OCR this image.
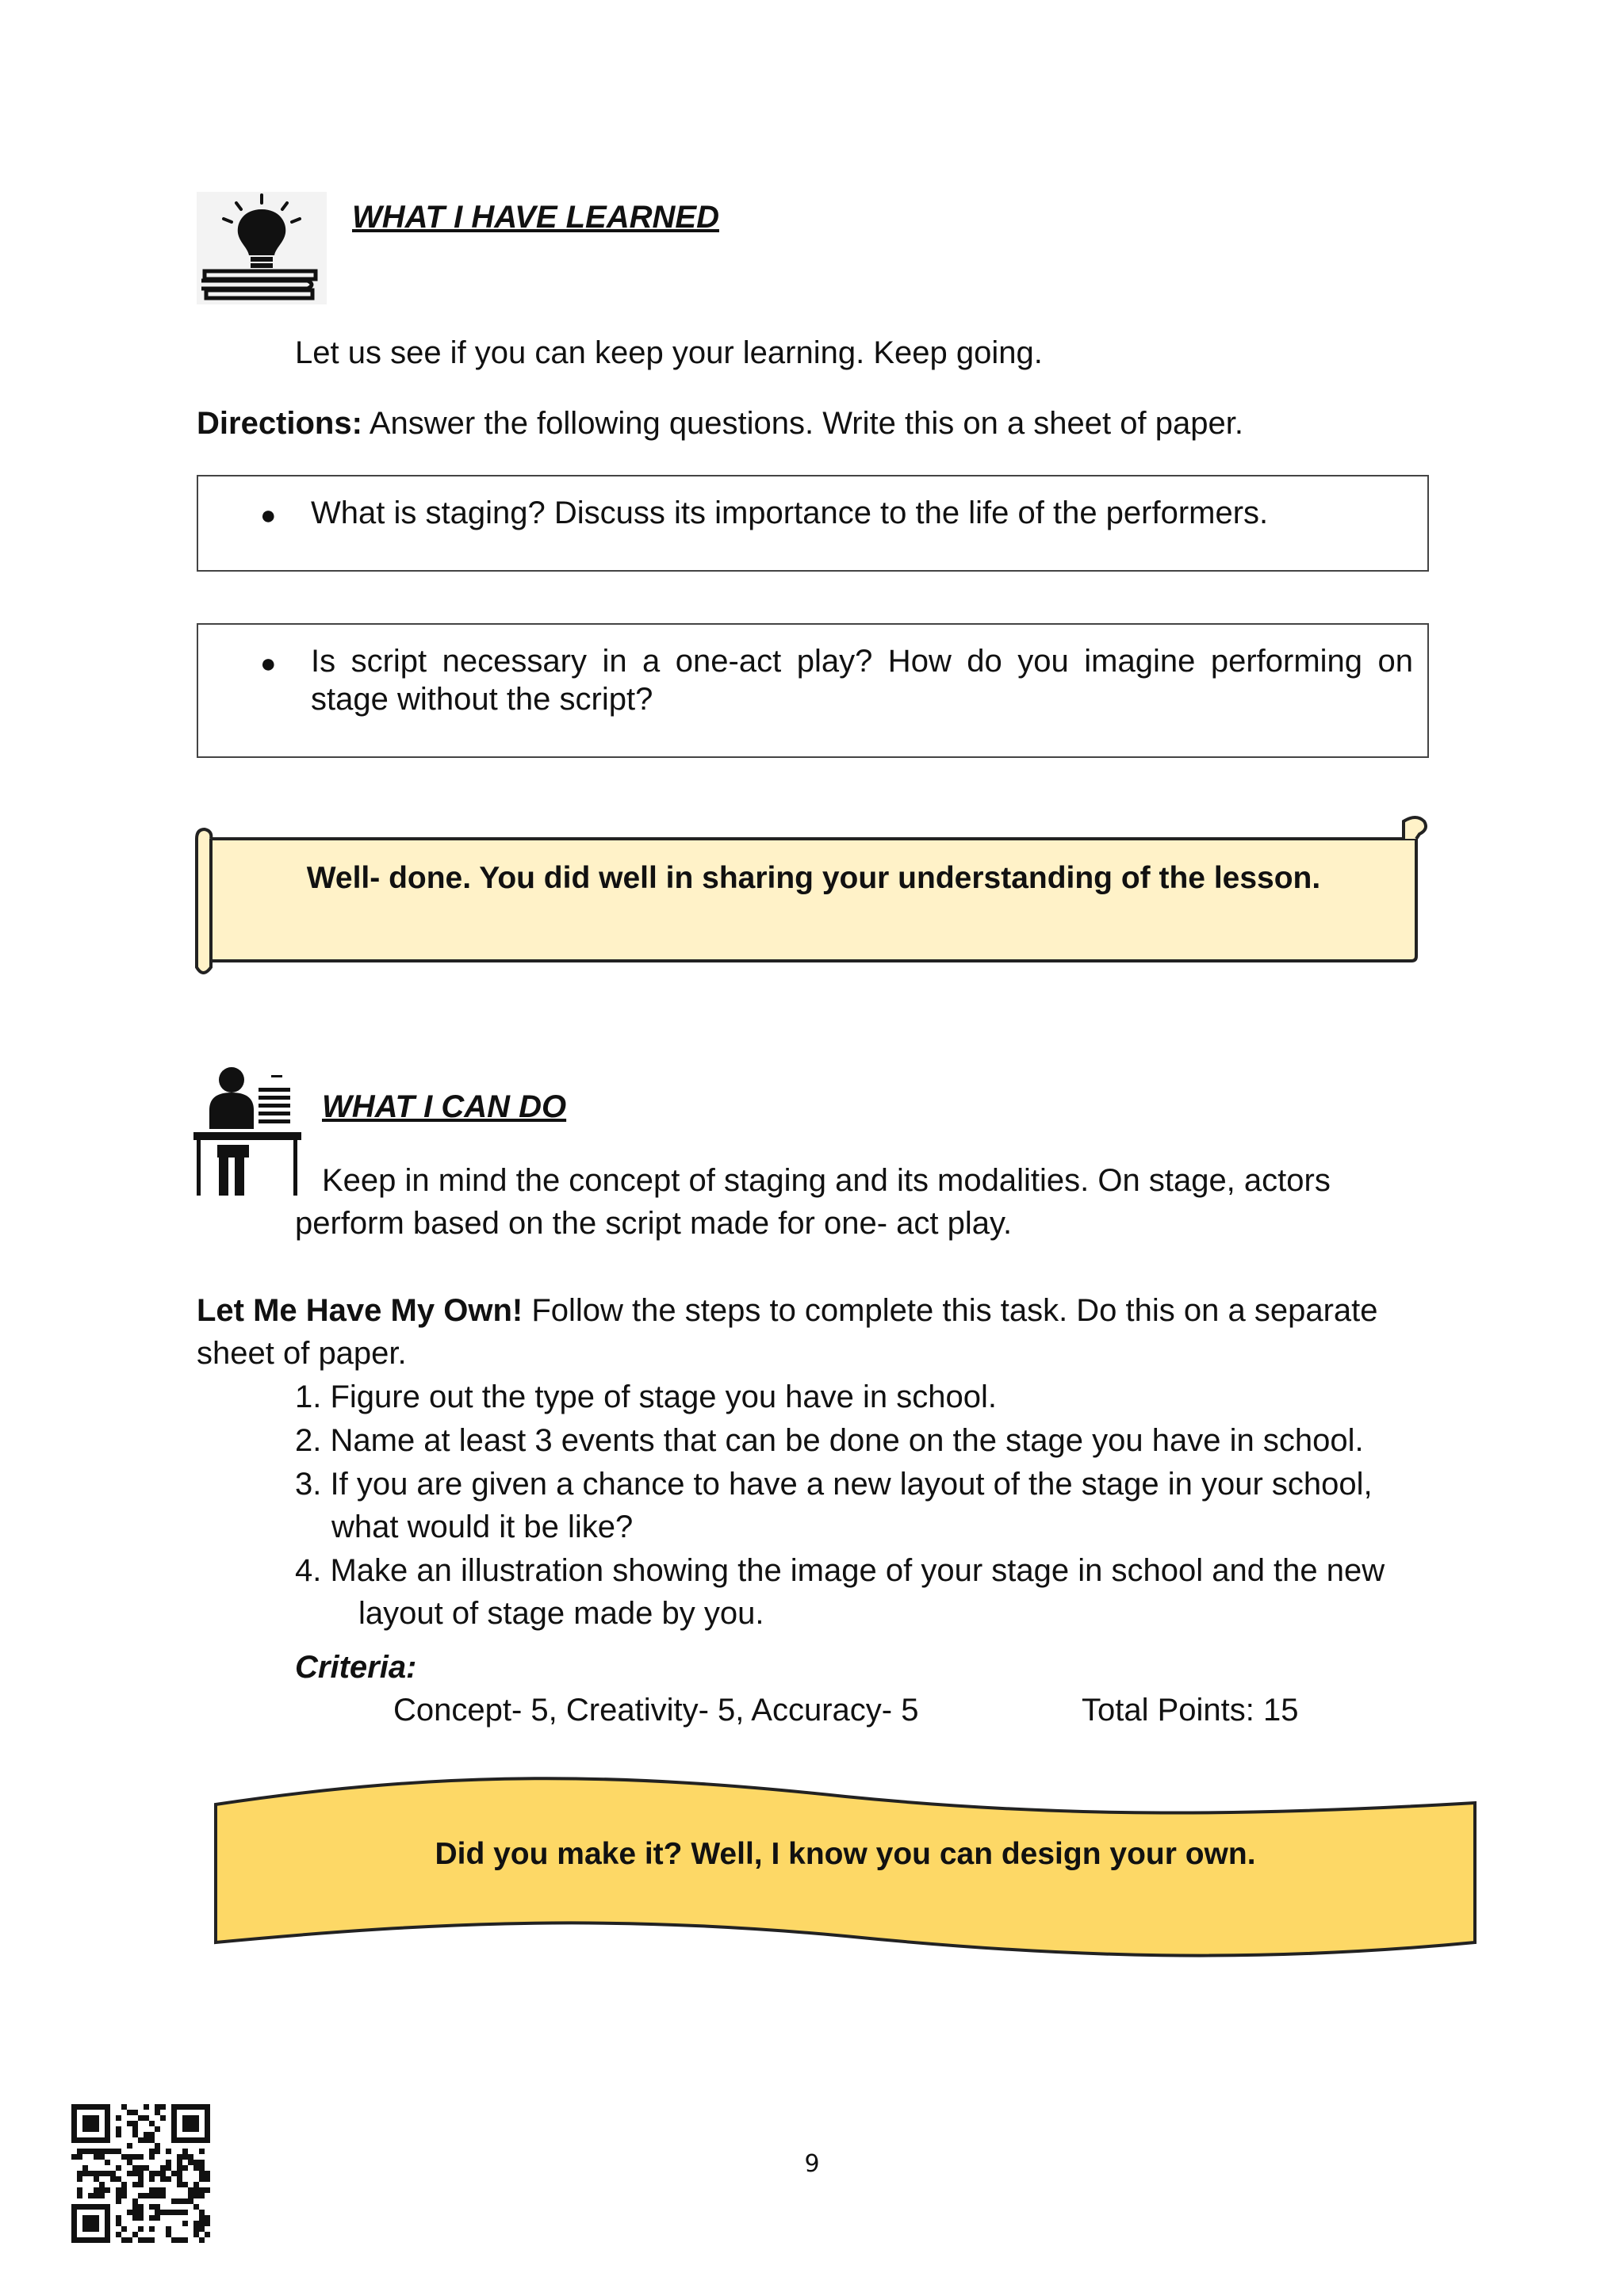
WHAT I HAVE LEARNED
Let us see if you can keep your learning. Keep going.
Directions: Answer the following questions. Write this on a sheet of paper.
● What is staging? Discuss its importance to the life of the performers.
● Is script necessary in a one-act play? How do you imagine performing on stage without the script?
Well- done. You did well in sharing your understanding of the lesson.
WHAT I CAN DO
Keep in mind the concept of staging and its modalities. On stage, actors
perform based on the script made for one- act play.
Let Me Have My Own! Follow the steps to complete this task. Do this on a separate
sheet of paper.
1. Figure out the type of stage you have in school.
2. Name at least 3 events that can be done on the stage you have in school.
3. If you are given a chance to have a new layout of the stage in your school,
what would it be like?
4. Make an illustration showing the image of your stage in school and the new
layout of stage made by you.
Criteria:
Concept- 5, Creativity- 5, Accuracy- 5	Total Points: 15
Did you make it? Well, I know you can design your own.
9
